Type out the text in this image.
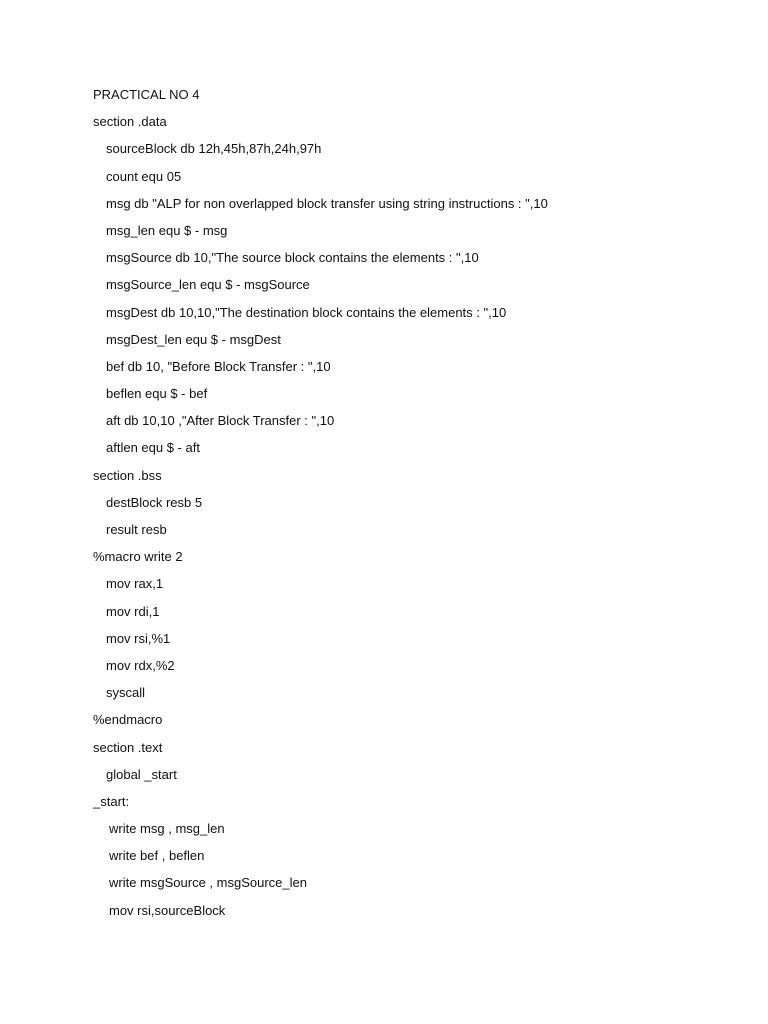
PRACTICAL NO 4
section .data
sourceBlock db 12h,45h,87h,24h,97h
count equ 05
msg db "ALP for non overlapped block transfer using string instructions : ",10
msg_len equ $ - msg
msgSource db 10,"The source block contains the elements : ",10
msgSource_len equ $ - msgSource
msgDest db 10,10,"The destination block contains the elements : ",10
msgDest_len equ $ - msgDest
bef db 10, "Before Block Transfer : ",10
beflen equ $ - bef
aft db 10,10 ,"After Block Transfer : ",10
aftlen equ $ - aft
section .bss
destBlock resb 5
result resb
%macro write 2
mov rax,1
mov rdi,1
mov rsi,%1
mov rdx,%2
syscall
%endmacro
section .text
global _start
_start:
write msg , msg_len
write bef , beflen
write msgSource , msgSource_len
mov rsi,sourceBlock
